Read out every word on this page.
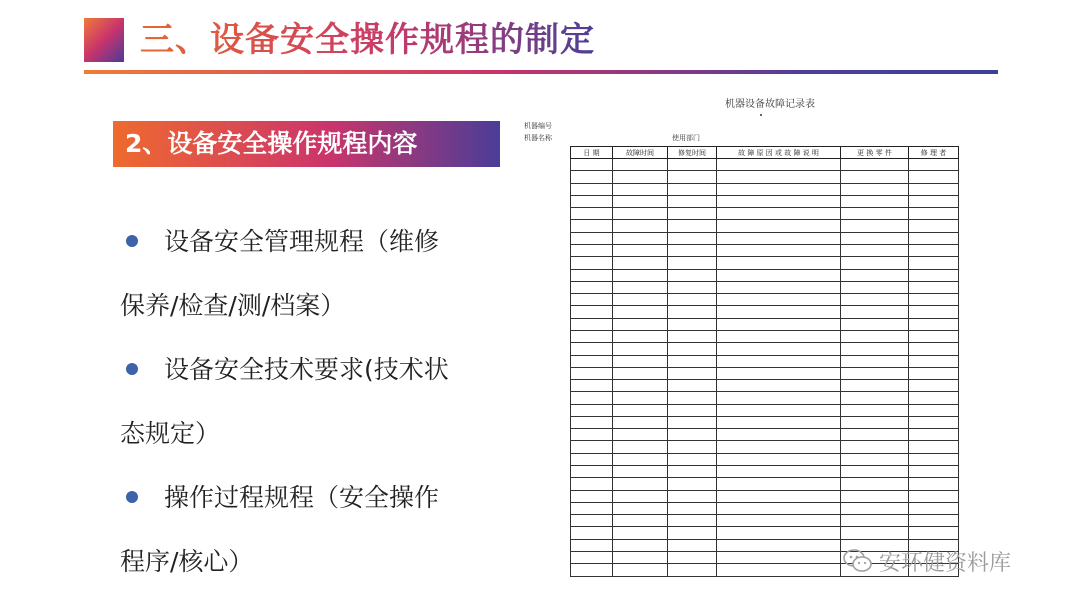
三、设备安全操作规程的制定
2、设备安全操作规程内容
设备安全管理规程（维修
保养/检查/测/档案）
设备安全技术要求(技术状
态规定）
操作过程规程（安全操作
程序/核心）
机器设备故障记录表
机器编号
机器名称	使用部门
日 期	故障时间	修复时间	故 障 原 因 或 故 障 说 明	更 换 零 件	修 理 者

安环健资料库
